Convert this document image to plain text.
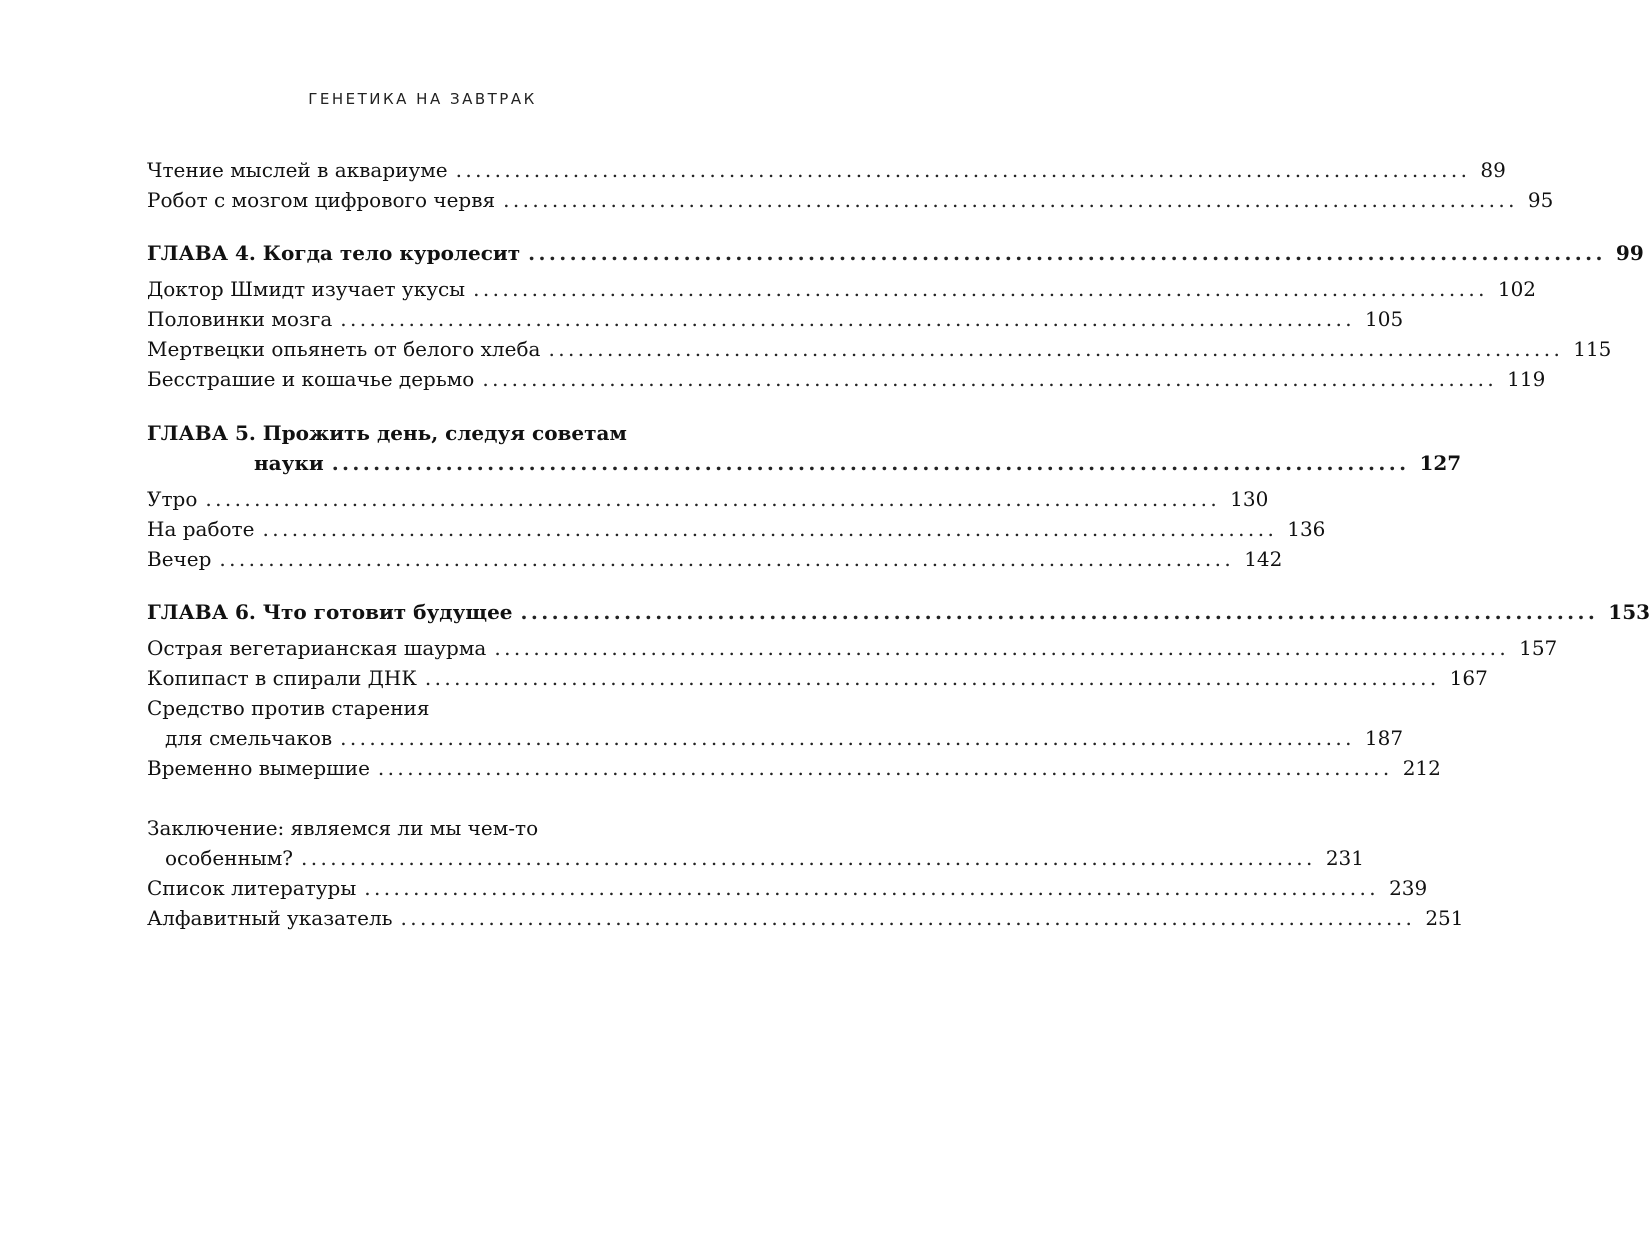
ГЕНЕТИКА НА ЗАВТРАК
Чтение мыслей в аквариуме ........................................................................................................ 89
Робот с мозгом цифрового червя ........................................................................................................ 95
ГЛАВА 4. Когда тело куролесит ........................................................................................................ 99
Доктор Шмидт изучает укусы ........................................................................................................ 102
Половинки мозга ........................................................................................................ 105
Мертвецки опьянеть от белого хлеба ........................................................................................................ 115
Бесстрашие и кошачье дерьмо ........................................................................................................ 119
ГЛАВА 5. Прожить день, следуя советам
науки ........................................................................................................ 127
Утро ........................................................................................................ 130
На работе ........................................................................................................ 136
Вечер ........................................................................................................ 142
ГЛАВА 6. Что готовит будущее ........................................................................................................ 153
Острая вегетарианская шаурма ........................................................................................................ 157
Копипаст в спирали ДНК ........................................................................................................ 167
Средство против старения
для смельчаков ........................................................................................................ 187
Временно вымершие ........................................................................................................ 212
Заключение: являемся ли мы чем-то
особенным? ........................................................................................................ 231
Список литературы ........................................................................................................ 239
Алфавитный указатель ........................................................................................................ 251
